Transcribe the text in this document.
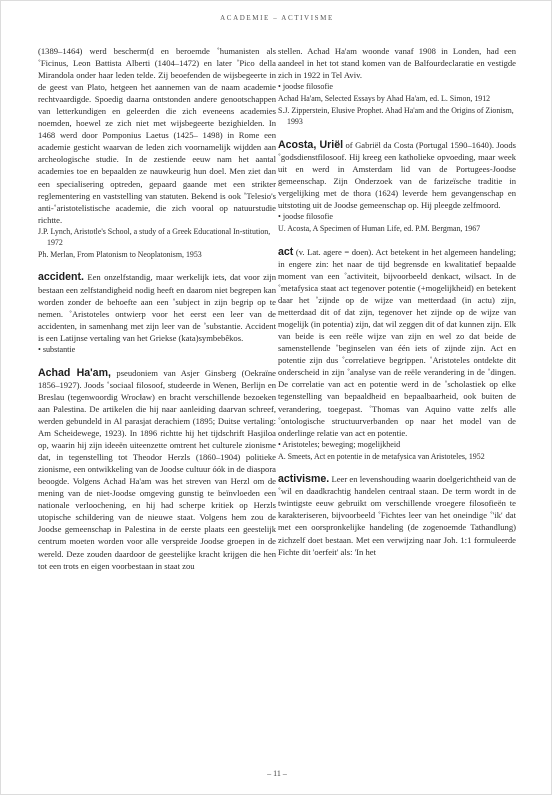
ACADEMIE – ACTIVISME

(1389–1464) werd bescherm(d en beroemde ˚humanisten als ˚Ficinus, Leon Battista Alberti (1404–1472) en later ˚Pico della Mirandola onder haar leden telde. Zij beoefenden de wijsbegeerte in de geest van Plato, hetgeen het aannemen van de naam academie rechtvaardigde. Spoedig daarna ontstonden andere genootschappen van letterkundigen en geleerden die zich eveneens academies noemden, hoewel ze zich niet met wijsbegeerte bezighielden. In 1468 werd door Pomponius Laetus (1425– 1498) in Rome een academie gesticht waarvan de leden zich voornamelijk wijdden aan archeologische studie. In de zestiende eeuw nam het aantal academies toe en bepaalden ze nauwkeurig hun doel. Men ziet dan een specialisering optreden, gepaard gaande met een strikter reglementering en vaststelling van statuten. Bekend is ook ˚Telesio's anti-˚aristotelistische academie, die zich vooral op natuurstudie richtte.

J.P. Lynch, Aristotle's School, a study of a Greek Educational In-stitution, 1972

Ph. Merlan, From Platonism to Neoplatonism, 1953

accident. Een onzelfstandig, maar werkelijk iets, dat voor zijn bestaan een zelfstandigheid nodig heeft en daarom niet begrepen kan worden zonder de behoefte aan een ˚subject in zijn begrip op te nemen. ˚Aristoteles ontwierp voor het eerst een leer van de accidenten, in samenhang met zijn leer van de ˚substantie. Accident is een Latijnse vertaling van het Griekse (kata)symbebêkos.

• substantie

Achad Ha'am, pseudoniem van Asjer Ginsberg (Oekraïne 1856–1927). Joods ˚sociaal filosoof, studeerde in Wenen, Berlijn en Breslau (tegenwoordig Wrocław) en bracht verschillende bezoeken aan Palestina. De artikelen die hij naar aanleiding daarvan schreef, werden gebundeld in Al parasjat derachiem (1895; Duitse vertaling: Am Scheidewege, 1923). In 1896 richtte hij het tijdschrift Hasjiloa op, waarin hij zijn ideeën uiteenzette omtrent het culturele zionisme dat, in tegenstelling tot Theodor Herzls (1860–1904) politieke zionisme, een ontwikkeling van de Joodse cultuur óók in de diaspora beoogde. Volgens Achad Ha'am was het streven van Herzl om de mening van de niet-Joodse omgeving gunstig te beïnvloeden een nationale verloochening, en hij had scherpe kritiek op Herzls utopische schildering van de nieuwe staat. Volgens hem zou de Joodse gemeenschap in Palestina in de eerste plaats een geestelijk centrum moeten worden voor alle verspreide Joodse groepen in de wereld. Deze zouden daardoor de geestelijke kracht krijgen die hen tot een trots en eigen voorbestaan in staat zou

stellen. Achad Ha'am woonde vanaf 1908 in Londen, had een aandeel in het tot stand komen van de Balfourdeclaratie en vestigde zich in 1922 in Tel Aviv.

• joodse filosofie

Achad Ha'am, Selected Essays by Ahad Ha'am, ed. L. Simon, 1912

S.J. Zipperstein, Elusive Prophet. Ahad Ha'am and the Origins of Zionism, 1993

Acosta, Uriël of Gabriël da Costa (Portugal 1590–1640). Joods ˚godsdienstfilosoof. Hij kreeg een katholieke opvoeding, maar week uit en werd in Amsterdam lid van de Portugees-Joodse gemeenschap. Zijn Onderzoek van de farizeïsche traditie in vergelijking met de thora (1624) leverde hem gevangenschap en uitstoting uit de Joodse gemeenschap op. Hij pleegde zelfmoord.

• joodse filosofie

U. Acosta, A Specimen of Human Life, ed. P.M. Bergman, 1967

act (v. Lat. agere = doen). Act betekent in het algemeen handeling; in engere zin: het naar de tijd begrensde en kwalitatief bepaalde moment van een ˚activiteit, bijvoorbeeld denkact, wilsact. In de ˚metafysica staat act tegenover potentie (+mogelijkheid) en betekent daar het ˚zijnde op de wijze van metterdaad (in actu) zijn, metterdaad dit of dat zijn, tegenover het zijnde op de wijze van mogelijk (in potentia) zijn, dat wil zeggen dit of dat kunnen zijn. Elk van beide is een reële wijze van zijn en wel zo dat beide de samenstellende ˚beginselen van één iets of zijnde zijn. Act en potentie zijn dus ˚correlatieve begrippen. ˚Aristoteles ontdekte dit onderscheid in zijn ˚analyse van de reële verandering in de ˚dingen. De correlatie van act en potentie werd in de ˚scholastiek op elke tegenstelling van bepaaldheid en bepaalbaarheid, ook buiten de verandering, toegepast. ˚Thomas van Aquino vatte zelfs alle ˚ontologische structuurverbanden op naar het model van de onderlinge relatie van act en potentie.

• Aristoteles; beweging; mogelijkheid

A. Smeets, Act en potentie in de metafysica van Aristoteles, 1952

activisme. Leer en levenshouding waarin doelgerichtheid van de ˚wil en daadkrachtig handelen centraal staan. De term wordt in de twintigste eeuw gebruikt om verschillende vroegere filosofieën te karakteriseren, bijvoorbeeld ˚Fichtes leer van het oneindige ˚'ik' dat met een oorspronkelijke handeling (de zogenoemde Tathandlung) zichzelf doet bestaan. Met een verwijzing naar Joh. 1:1 formuleerde Fichte dit 'oerfeit' als: 'In het

– 11 –
